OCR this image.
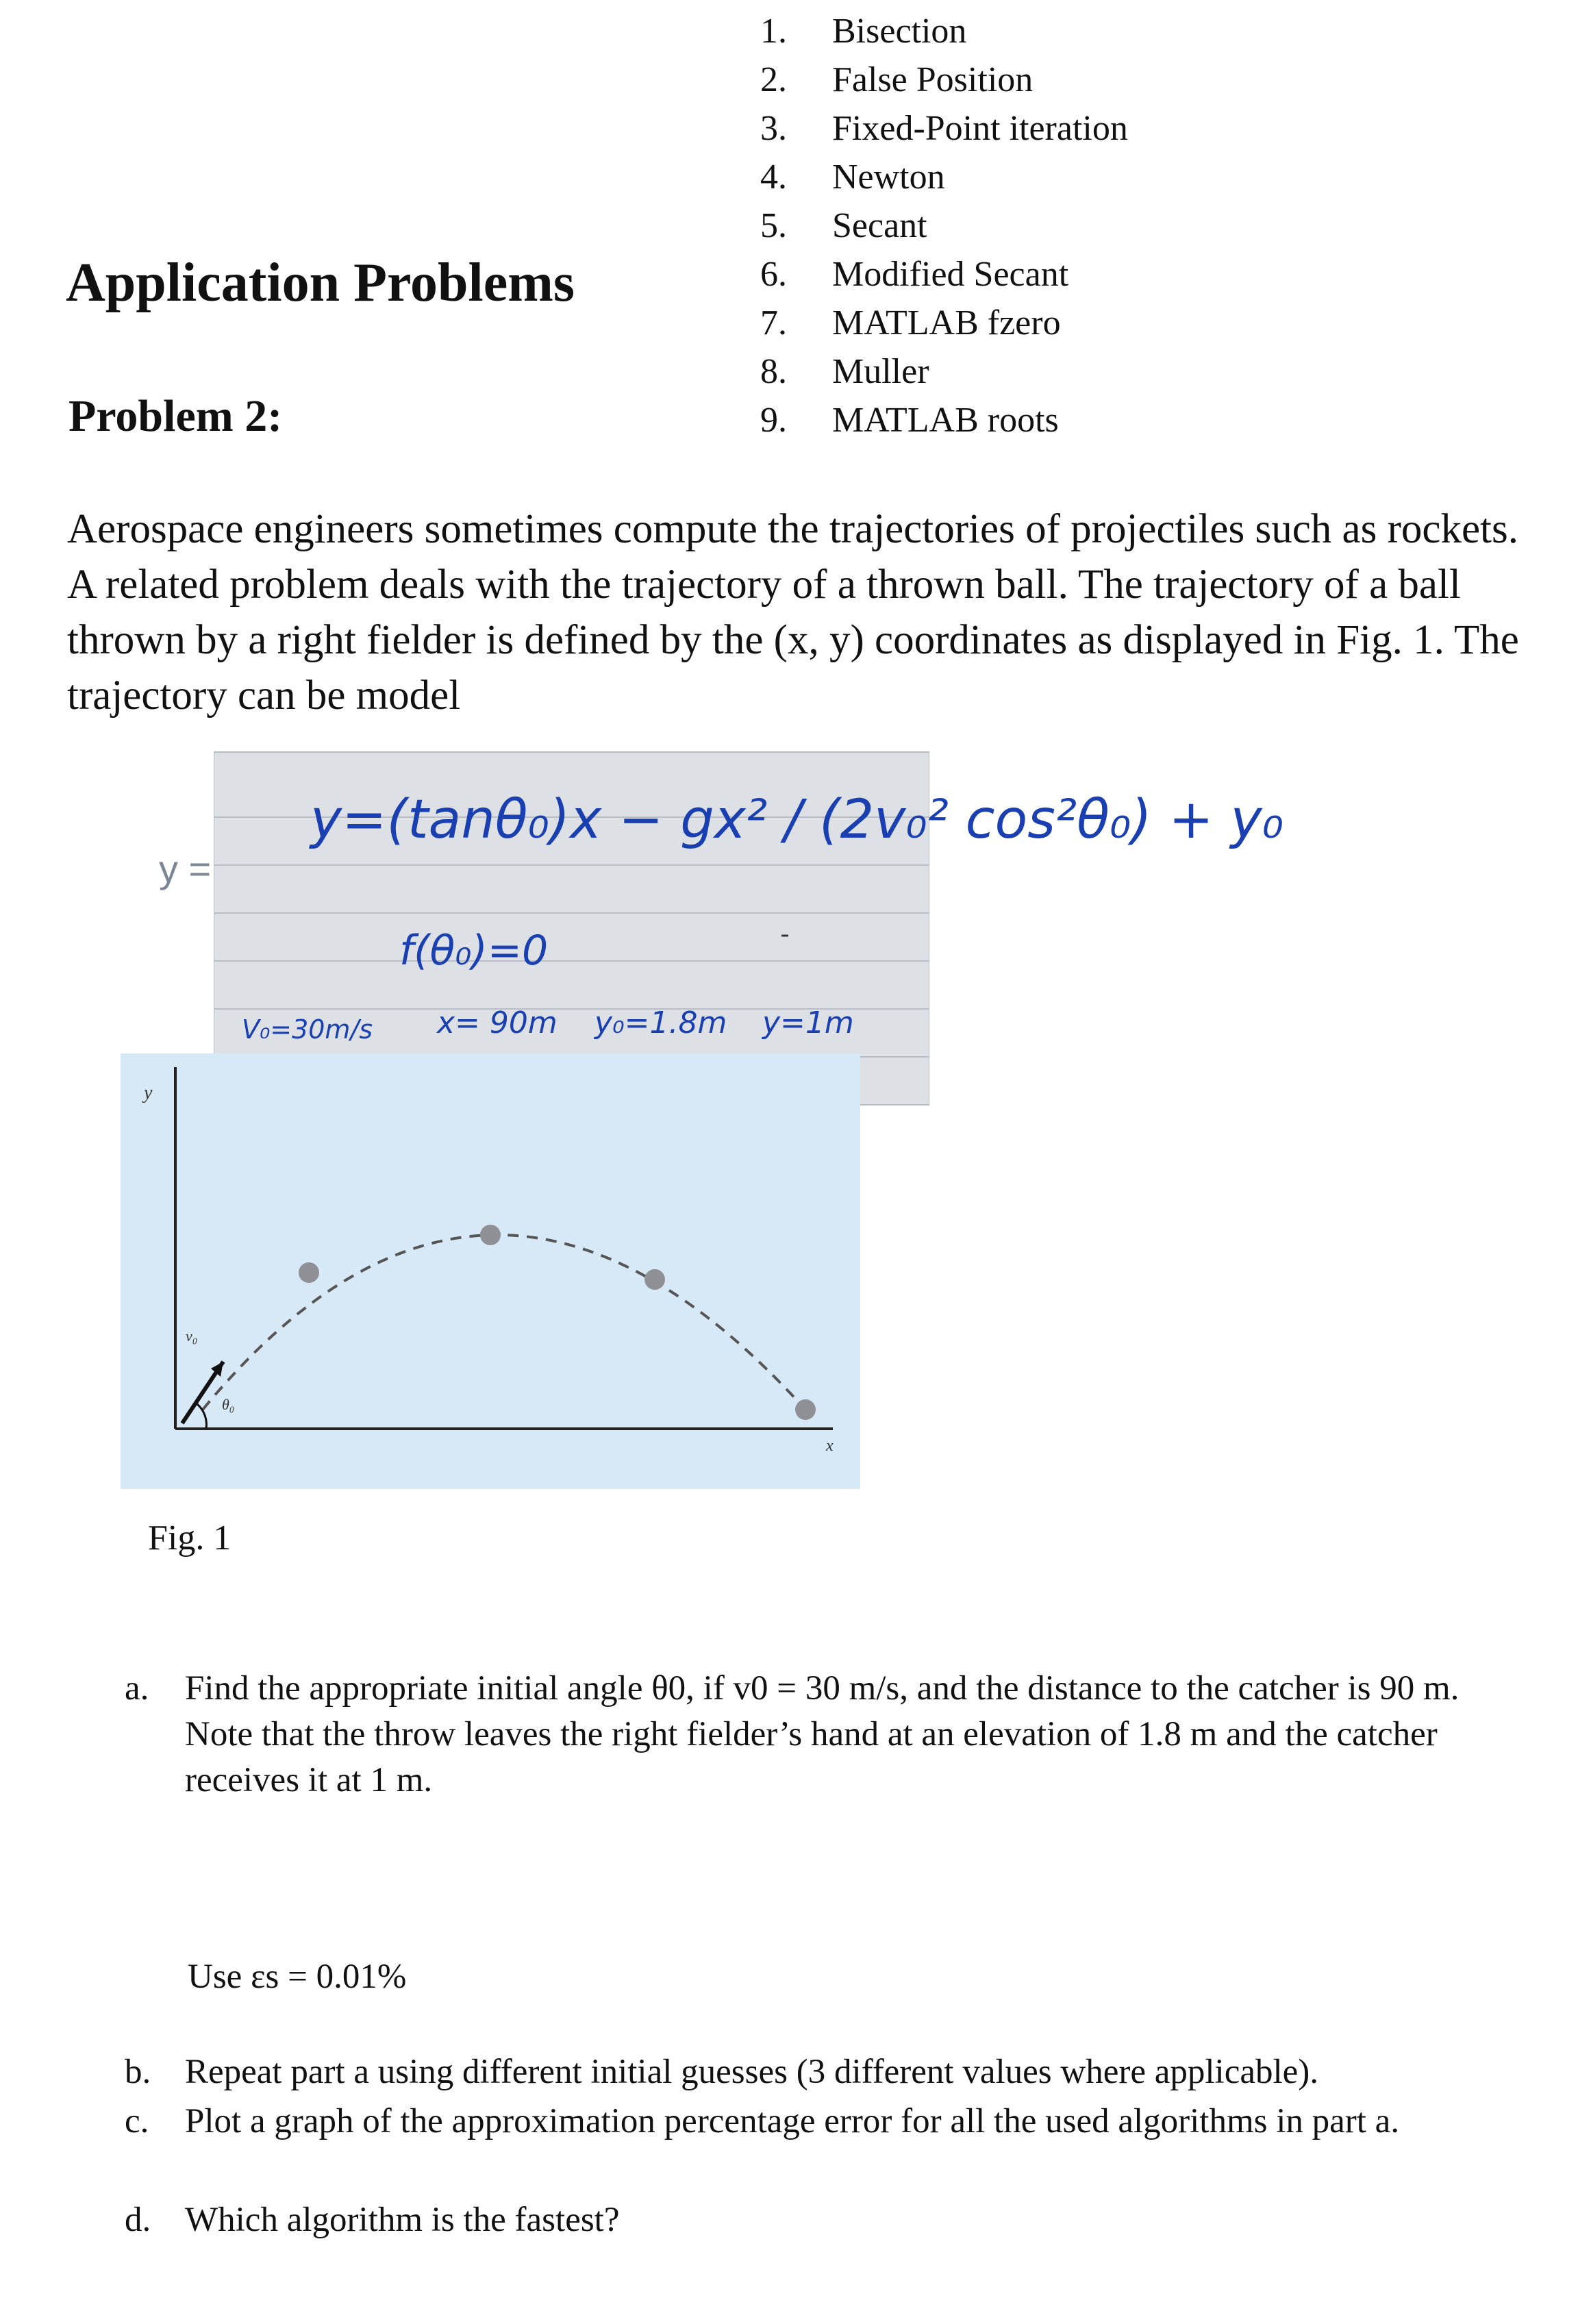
1. Bisection
2. False Position
3. Fixed-Point iteration
4. Newton
5. Secant
6. Modified Secant
7. MATLAB fzero
8. Muller
9. MATLAB roots
Application Problems
Problem 2:

Aerospace engineers sometimes compute the trajectories of projectiles such as rockets. A related problem deals with the trajectory of a thrown ball. The trajectory of a ball thrown by a right fielder is defined by the (x, y) coordinates as displayed in Fig. 1. The trajectory can be model

y =
y=(tanθ₀)x − gx² / (2v₀² cos²θ₀) + y₀
f(θ₀)=0
V₀=30m/s x= 90m y₀=1.8m y=1m
v₀
θ₀
x
y
Fig. 1

a. Find the appropriate initial angle θ0, if v0 = 30 m/s, and the distance to the catcher is 90 m. Note that the throw leaves the right fielder’s hand at an elevation of 1.8 m and the catcher receives it at 1 m.

Use εs = 0.01%

b. Repeat part a using different initial guesses (3 different values where applicable).

c. Plot a graph of the approximation percentage error for all the used algorithms in part a.

d. Which algorithm is the fastest?
